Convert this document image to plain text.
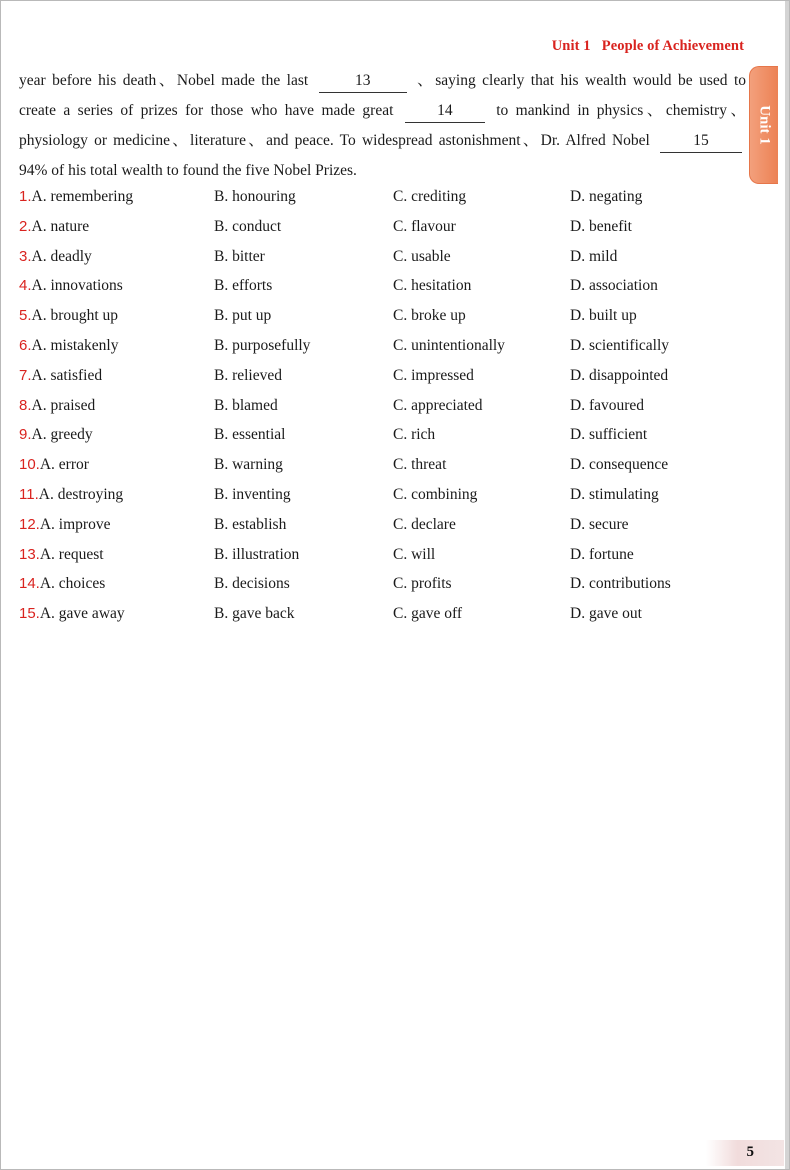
Unit 1 People of Achievement
Unit 1
year before his death、Nobel made the last	13	、saying clearly that his wealth would be used to
create a series of prizes for those who have made great	14	to mankind in physics、chemistry、
physiology or medicine、literature、and peace. To widespread astonishment、Dr. Alfred Nobel	15
94% of his total wealth to found the five Nobel Prizes.
1.A. remembering	B. honouring	C. crediting	D. negating
2.A. nature	B. conduct	C. flavour	D. benefit
3.A. deadly	B. bitter	C. usable	D. mild
4.A. innovations	B. efforts	C. hesitation	D. association
5.A. brought up	B. put up	C. broke up	D. built up
6.A. mistakenly	B. purposefully	C. unintentionally	D. scientifically
7.A. satisfied	B. relieved	C. impressed	D. disappointed
8.A. praised	B. blamed	C. appreciated	D. favoured
9.A. greedy	B. essential	C. rich	D. sufficient
10.A. error	B. warning	C. threat	D. consequence
11.A. destroying	B. inventing	C. combining	D. stimulating
12.A. improve	B. establish	C. declare	D. secure
13.A. request	B. illustration	C. will	D. fortune
14.A. choices	B. decisions	C. profits	D. contributions
15.A. gave away	B. gave back	C. gave off	D. gave out
5
